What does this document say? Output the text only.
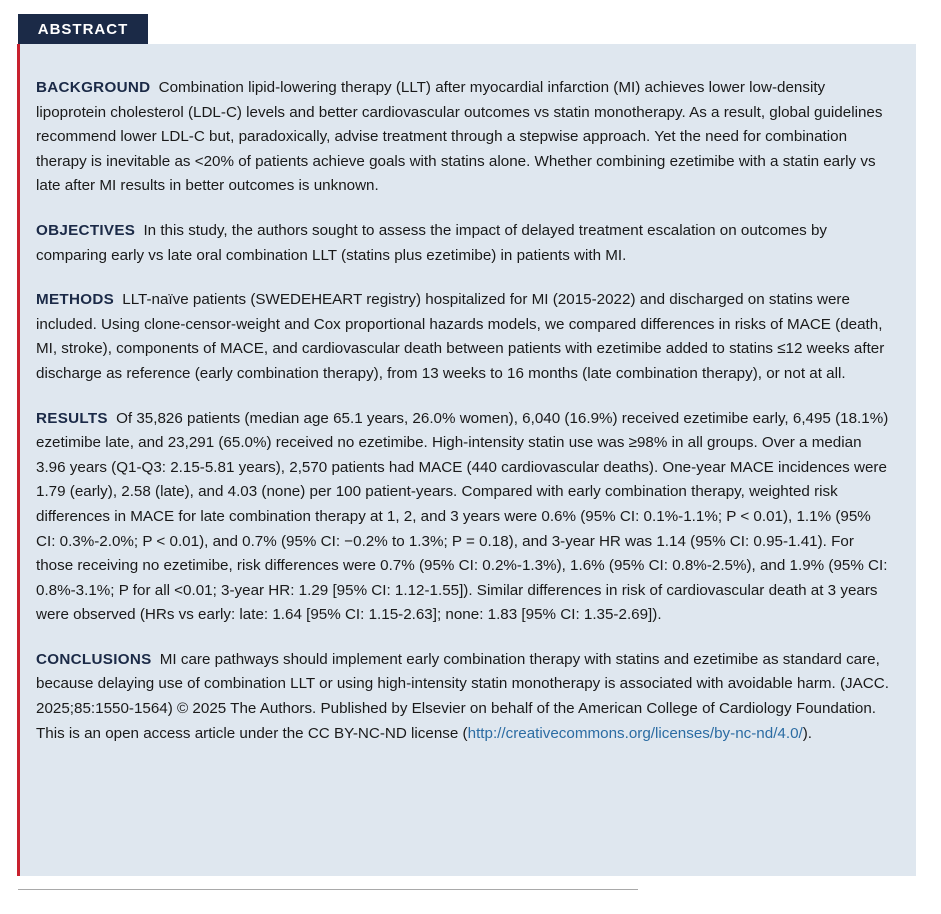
ABSTRACT

BACKGROUND Combination lipid-lowering therapy (LLT) after myocardial infarction (MI) achieves lower low-density lipoprotein cholesterol (LDL-C) levels and better cardiovascular outcomes vs statin monotherapy. As a result, global guidelines recommend lower LDL-C but, paradoxically, advise treatment through a stepwise approach. Yet the need for combination therapy is inevitable as <20% of patients achieve goals with statins alone. Whether combining ezetimibe with a statin early vs late after MI results in better outcomes is unknown.

OBJECTIVES In this study, the authors sought to assess the impact of delayed treatment escalation on outcomes by comparing early vs late oral combination LLT (statins plus ezetimibe) in patients with MI.

METHODS LLT-naïve patients (SWEDEHEART registry) hospitalized for MI (2015-2022) and discharged on statins were included. Using clone-censor-weight and Cox proportional hazards models, we compared differences in risks of MACE (death, MI, stroke), components of MACE, and cardiovascular death between patients with ezetimibe added to statins ≤12 weeks after discharge as reference (early combination therapy), from 13 weeks to 16 months (late combination therapy), or not at all.

RESULTS Of 35,826 patients (median age 65.1 years, 26.0% women), 6,040 (16.9%) received ezetimibe early, 6,495 (18.1%) ezetimibe late, and 23,291 (65.0%) received no ezetimibe. High-intensity statin use was ≥98% in all groups. Over a median 3.96 years (Q1-Q3: 2.15-5.81 years), 2,570 patients had MACE (440 cardiovascular deaths). One-year MACE incidences were 1.79 (early), 2.58 (late), and 4.03 (none) per 100 patient-years. Compared with early combination therapy, weighted risk differences in MACE for late combination therapy at 1, 2, and 3 years were 0.6% (95% CI: 0.1%-1.1%; P < 0.01), 1.1% (95% CI: 0.3%-2.0%; P < 0.01), and 0.7% (95% CI: −0.2% to 1.3%; P = 0.18), and 3-year HR was 1.14 (95% CI: 0.95-1.41). For those receiving no ezetimibe, risk differences were 0.7% (95% CI: 0.2%-1.3%), 1.6% (95% CI: 0.8%-2.5%), and 1.9% (95% CI: 0.8%-3.1%; P for all <0.01; 3-year HR: 1.29 [95% CI: 1.12-1.55]). Similar differences in risk of cardiovascular death at 3 years were observed (HRs vs early: late: 1.64 [95% CI: 1.15-2.63]; none: 1.83 [95% CI: 1.35-2.69]).

CONCLUSIONS MI care pathways should implement early combination therapy with statins and ezetimibe as standard care, because delaying use of combination LLT or using high-intensity statin monotherapy is associated with avoidable harm. (JACC. 2025;85:1550-1564) © 2025 The Authors. Published by Elsevier on behalf of the American College of Cardiology Foundation. This is an open access article under the CC BY-NC-ND license (http://creativecommons.org/licenses/by-nc-nd/4.0/).
